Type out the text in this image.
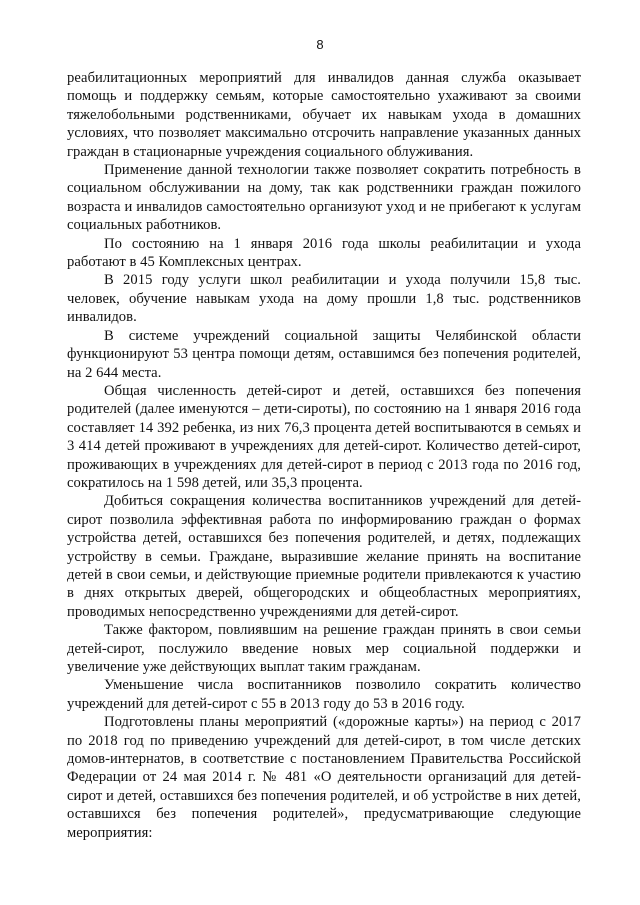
8

реабилитационных мероприятий для инвалидов данная служба оказывает помощь и поддержку семьям, которые самостоятельно ухаживают за своими тяжелобольными родственниками, обучает их навыкам ухода в домашних условиях, что позволяет максимально отсрочить направление указанных данных граждан в стационарные учреждения социального облуживания.

Применение данной технологии также позволяет сократить потребность в социальном обслуживании на дому, так как родственники граждан пожилого возраста и инвалидов самостоятельно организуют уход и не прибегают к услугам социальных работников.

По состоянию на 1 января 2016 года школы реабилитации и ухода работают в 45 Комплексных центрах.

В 2015 году услуги школ реабилитации и ухода получили 15,8 тыс. человек, обучение навыкам ухода на дому прошли 1,8 тыс. родственников инвалидов.

В системе учреждений социальной защиты Челябинской области функционируют 53 центра помощи детям, оставшимся без попечения родителей, на 2 644 места.

Общая численность детей-сирот и детей, оставшихся без попечения родителей (далее именуются – дети-сироты), по состоянию на 1 января 2016 года составляет 14 392 ребенка, из них 76,3 процента детей воспитываются в семьях и 3 414 детей проживают в учреждениях для детей-сирот. Количество детей-сирот, проживающих в учреждениях для детей-сирот в период с 2013 года по 2016 год, сократилось на 1 598 детей, или 35,3 процента.

Добиться сокращения количества воспитанников учреждений для детей-сирот позволила эффективная работа по информированию граждан о формах устройства детей, оставшихся без попечения родителей, и детях, подлежащих устройству в семьи. Граждане, выразившие желание принять на воспитание детей в свои семьи, и действующие приемные родители привлекаются к участию в днях открытых дверей, общегородских и общеобластных мероприятиях, проводимых непосредственно учреждениями для детей-сирот.

Также фактором, повлиявшим на решение граждан принять в свои семьи детей-сирот, послужило введение новых мер социальной поддержки и увеличение уже действующих выплат таким гражданам.

Уменьшение числа воспитанников позволило сократить количество учреждений для детей-сирот с 55 в 2013 году до 53 в 2016 году.

Подготовлены планы мероприятий («дорожные карты») на период с 2017 по 2018 год по приведению учреждений для детей-сирот, в том числе детских домов-интернатов, в соответствие с постановлением Правительства Российской Федерации от 24 мая 2014 г. № 481 «О деятельности организаций для детей-сирот и детей, оставшихся без попечения родителей, и об устройстве в них детей, оставшихся без попечения родителей», предусматривающие следующие мероприятия:
